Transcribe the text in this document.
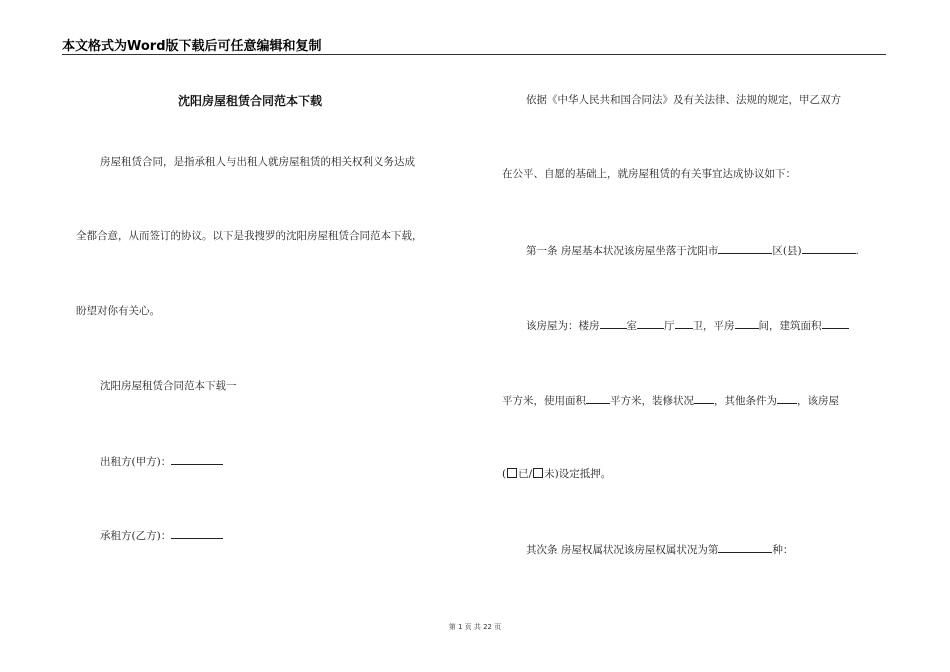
本文格式为Word版下载后可任意编辑和复制
沈阳房屋租赁合同范本下载
房屋租赁合同，是指承租人与出租人就房屋租赁的相关权利义务达成
全都合意，从而签订的协议。以下是我搜罗的沈阳房屋租赁合同范本下载，
盼望对你有关心。
沈阳房屋租赁合同范本下载一
出租方(甲方)：
承租方(乙方)：
依据《中华人民共和国合同法》及有关法律、法规的规定，甲乙双方
在公平、自愿的基础上，就房屋租赁的有关事宜达成协议如下：
第一条 房屋基本状况该房屋坐落于沈阳市	区(县)	.
该房屋为：楼房	室	厅 卫，平房 间，建筑面积
平方米，使用面积 平方米，装修状况 ，其他条件为 ，该房屋
( 已/ 未)设定抵押。
其次条 房屋权属状况该房屋权属状况为第	种：
第 1 页 共 22 页
